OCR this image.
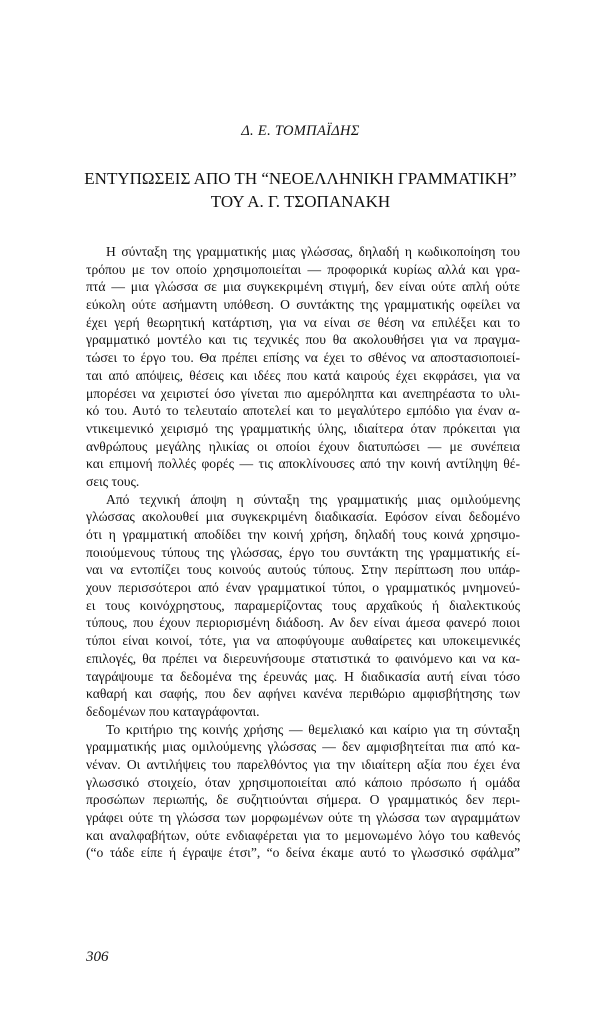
Δ. Ε. ΤΟΜΠΑΪΔΗΣ
ΕΝΤΥΠΩΣΕΙΣ ΑΠΟ ΤΗ “ΝΕΟΕΛΛΗΝΙΚΗ ΓΡΑΜΜΑΤΙΚΗ”
ΤΟΥ Α. Γ. ΤΣΟΠΑΝΑΚΗ
Η σύνταξη της γραμματικής μιας γλώσσας, δηλαδή η κωδικοποίηση του
τρόπου με τον οποίο χρησιμοποιείται — προφορικά κυρίως αλλά και γρα-
πτά — μια γλώσσα σε μια συγκεκριμένη στιγμή, δεν είναι ούτε απλή ούτε
εύκολη ούτε ασήμαντη υπόθεση. Ο συντάκτης της γραμματικής οφείλει να
έχει γερή θεωρητική κατάρτιση, για να είναι σε θέση να επιλέξει και το
γραμματικό μοντέλο και τις τεχνικές που θα ακολουθήσει για να πραγμα-
τώσει το έργο του. Θα πρέπει επίσης να έχει το σθένος να αποστασιοποιεί-
ται από απόψεις, θέσεις και ιδέες που κατά καιρούς έχει εκφράσει, για να
μπορέσει να χειριστεί όσο γίνεται πιο αμερόληπτα και ανεπηρέαστα το υλι-
κό του. Αυτό το τελευταίο αποτελεί και το μεγαλύτερο εμπόδιο για έναν α-
ντικειμενικό χειρισμό της γραμματικής ύλης, ιδιαίτερα όταν πρόκειται για
ανθρώπους μεγάλης ηλικίας οι οποίοι έχουν διατυπώσει — με συνέπεια
και επιμονή πολλές φορές — τις αποκλίνουσες από την κοινή αντίληψη θέ-
σεις τους.
Από τεχνική άποψη η σύνταξη της γραμματικής μιας ομιλούμενης
γλώσσας ακολουθεί μια συγκεκριμένη διαδικασία. Εφόσον είναι δεδομένο
ότι η γραμματική αποδίδει την κοινή χρήση, δηλαδή τους κοινά χρησιμο-
ποιούμενους τύπους της γλώσσας, έργο του συντάκτη της γραμματικής εί-
ναι να εντοπίζει τους κοινούς αυτούς τύπους. Στην περίπτωση που υπάρ-
χουν περισσότεροι από έναν γραμματικοί τύποι, ο γραμματικός μνημονεύ-
ει τους κοινόχρηστους, παραμερίζοντας τους αρχαΐκούς ή διαλεκτικούς
τύπους, που έχουν περιορισμένη διάδοση. Αν δεν είναι άμεσα φανερό ποιοι
τύποι είναι κοινοί, τότε, για να αποφύγουμε αυθαίρετες και υποκειμενικές
επιλογές, θα πρέπει να διερευνήσουμε στατιστικά το φαινόμενο και να κα-
ταγράψουμε τα δεδομένα της έρευνάς μας. Η διαδικασία αυτή είναι τόσο
καθαρή και σαφής, που δεν αφήνει κανένα περιθώριο αμφισβήτησης των
δεδομένων που καταγράφονται.
Το κριτήριο της κοινής χρήσης — θεμελιακό και καίριο για τη σύνταξη
γραμματικής μιας ομιλούμενης γλώσσας — δεν αμφισβητείται πια από κα-
νέναν. Οι αντιλήψεις του παρελθόντος για την ιδιαίτερη αξία που έχει ένα
γλωσσικό στοιχείο, όταν χρησιμοποιείται από κάποιο πρόσωπο ή ομάδα
προσώπων περιωπής, δε συζητιούνται σήμερα. Ο γραμματικός δεν περι-
γράφει ούτε τη γλώσσα των μορφωμένων ούτε τη γλώσσα των αγραμμάτων
και αναλφαβήτων, ούτε ενδιαφέρεται για το μεμονωμένο λόγο του καθενός
(“ο τάδε είπε ή έγραψε έτσι”, “ο δείνα έκαμε αυτό το γλωσσικό σφάλμα”
306
